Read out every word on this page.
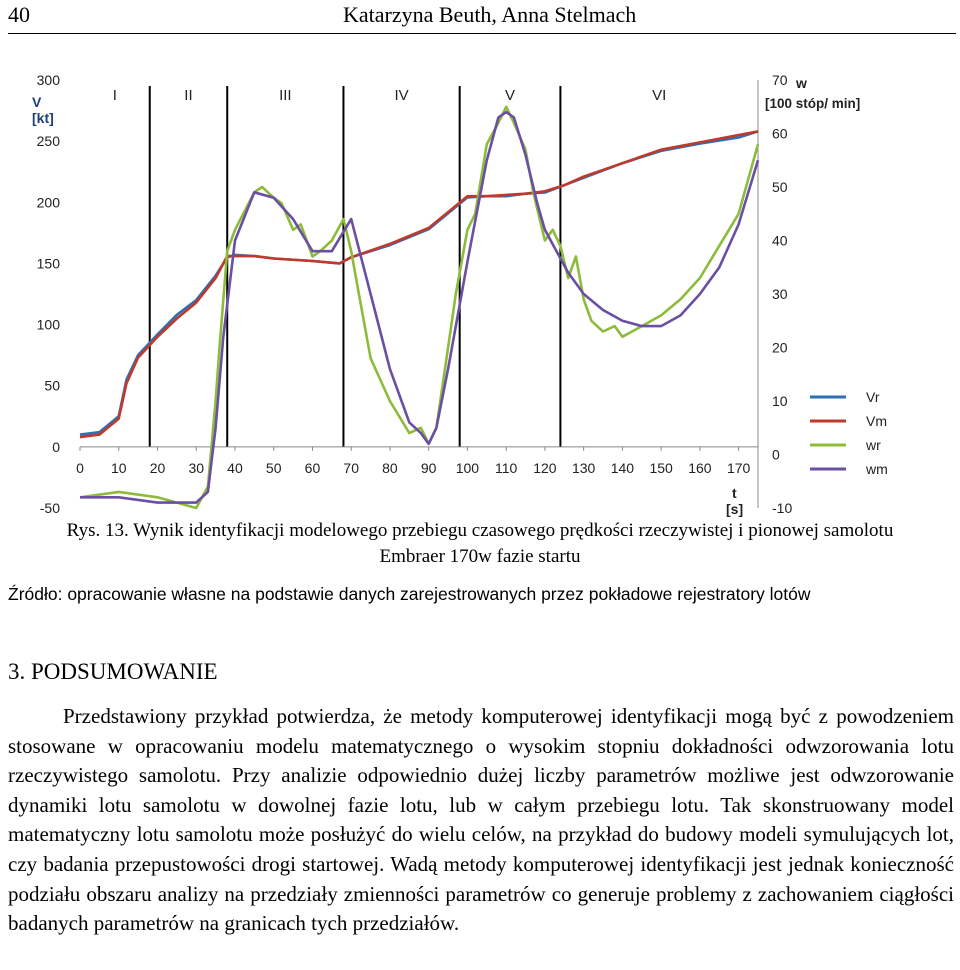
40	Katarzyna Beuth, Anna Stelmach
I	II	III	IV	V	VI
300
250
200
150
100
50
0
-50
V
[kt]
70
60
50
40
30
20
10
0
-10
w
[100 stóp/ min]
0 10 20 30 40 50 60 70 80 90 100 110 120 130 140 150 160 170
t
[s]
Vr
Vm
wr
wm
Rys. 13. Wynik identyfikacji modelowego przebiegu czasowego prędkości rzeczywistej i pionowej samolotu
Embraer 170w fazie startu
Źródło: opracowanie własne na podstawie danych zarejestrowanych przez pokładowe rejestratory lotów
3. PODSUMOWANIE
Przedstawiony przykład potwierdza, że metody komputerowej identyfikacji mogą być z powodzeniem stosowane w opracowaniu modelu matematycznego o wysokim stopniu dokładności odwzorowania lotu rzeczywistego samolotu. Przy analizie odpowiednio dużej liczby parametrów możliwe jest odwzorowanie dynamiki lotu samolotu w dowolnej fazie lotu, lub w całym przebiegu lotu. Tak skonstruowany model matematyczny lotu samolotu może posłużyć do wielu celów, na przykład do budowy modeli symulujących lot, czy badania przepustowości drogi startowej. Wadą metody komputerowej identyfikacji jest jednak konieczność podziału obszaru analizy na przedziały zmienności parametrów co generuje problemy z zachowaniem ciągłości badanych parametrów na granicach tych przedziałów.
